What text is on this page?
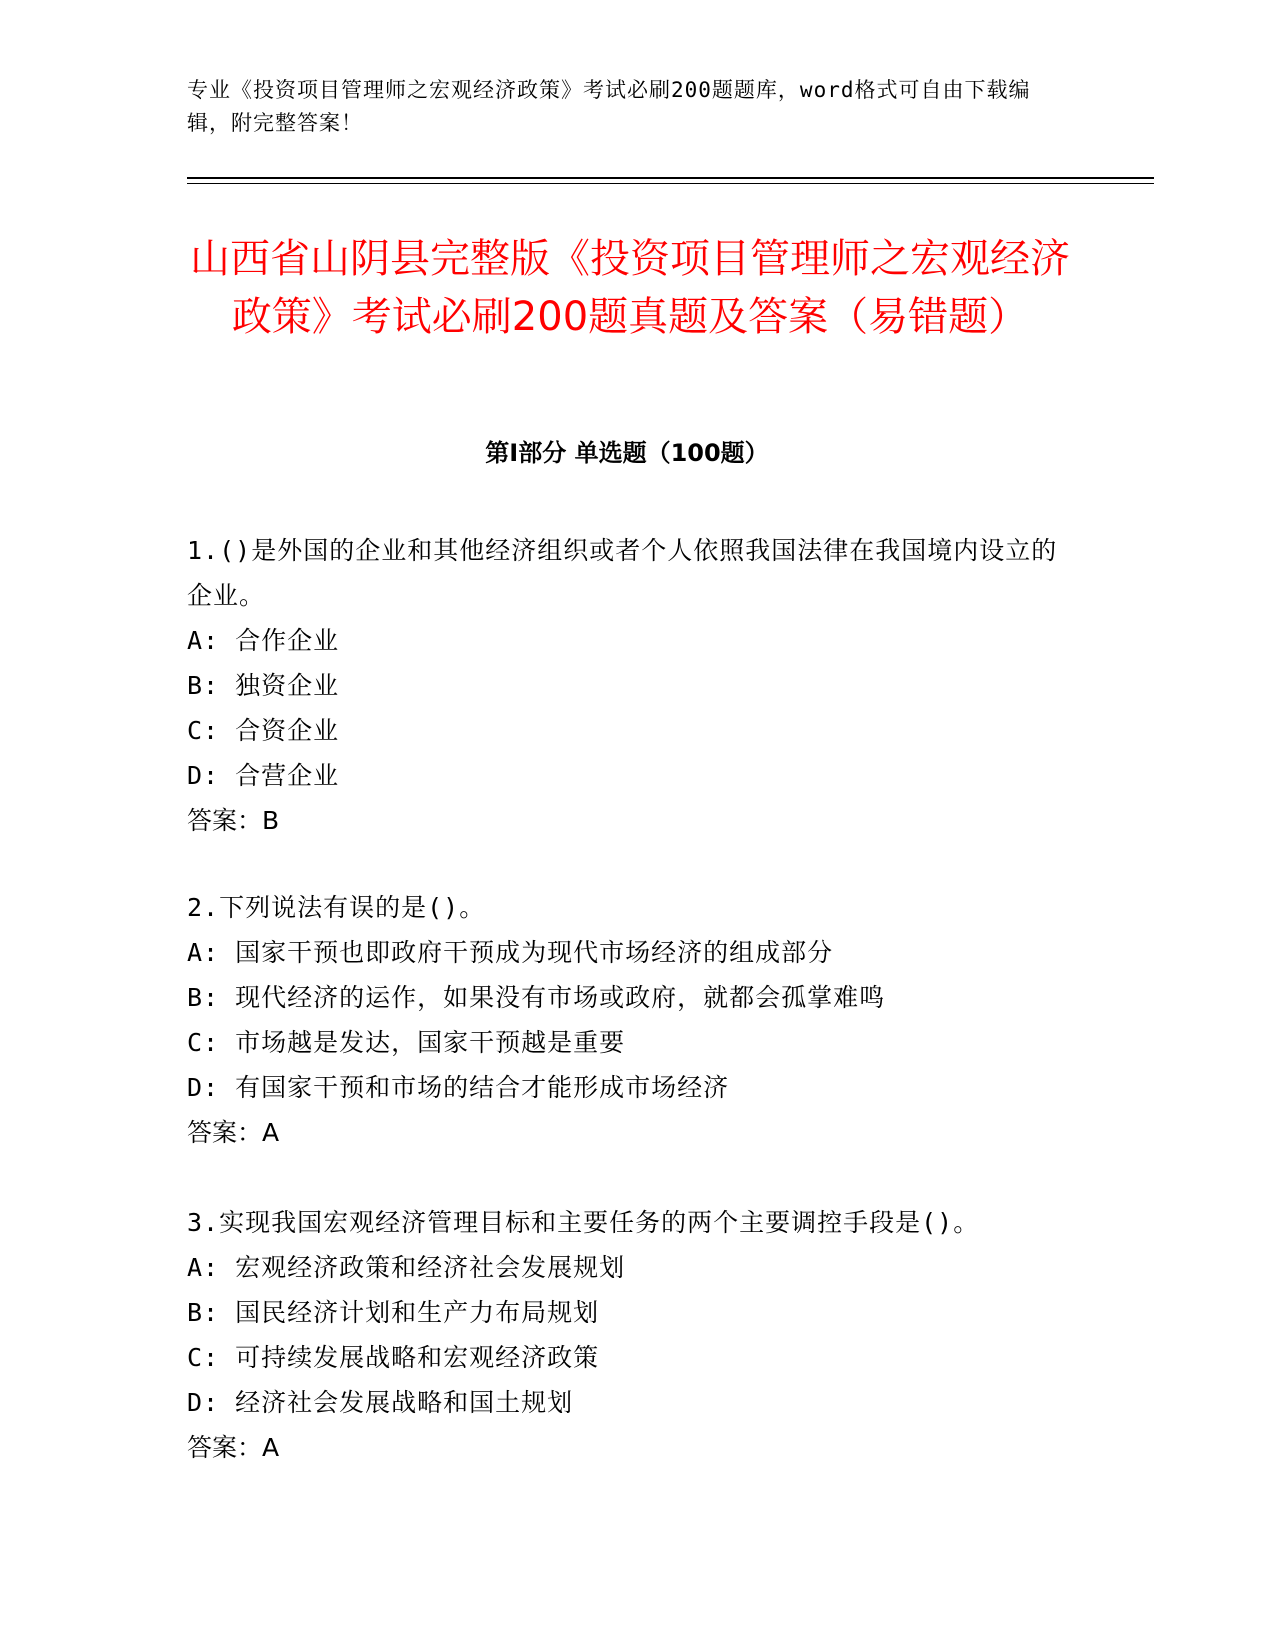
专业《投资项目管理师之宏观经济政策》考试必刷200题题库，word格式可自由下载编辑，附完整答案！

山西省山阴县完整版《投资项目管理师之宏观经济政策》考试必刷200题真题及答案（易错题）
第I部分 单选题（100题）

1.()是外国的企业和其他经济组织或者个人依照我国法律在我国境内设立的企业。

A: 合作企业

B: 独资企业

C: 合资企业

D: 合营企业

答案：B

2.下列说法有误的是()。

A: 国家干预也即政府干预成为现代市场经济的组成部分

B: 现代经济的运作，如果没有市场或政府，就都会孤掌难鸣

C: 市场越是发达，国家干预越是重要

D: 有国家干预和市场的结合才能形成市场经济

答案：A

3.实现我国宏观经济管理目标和主要任务的两个主要调控手段是()。

A: 宏观经济政策和经济社会发展规划

B: 国民经济计划和生产力布局规划

C: 可持续发展战略和宏观经济政策

D: 经济社会发展战略和国土规划

答案：A
